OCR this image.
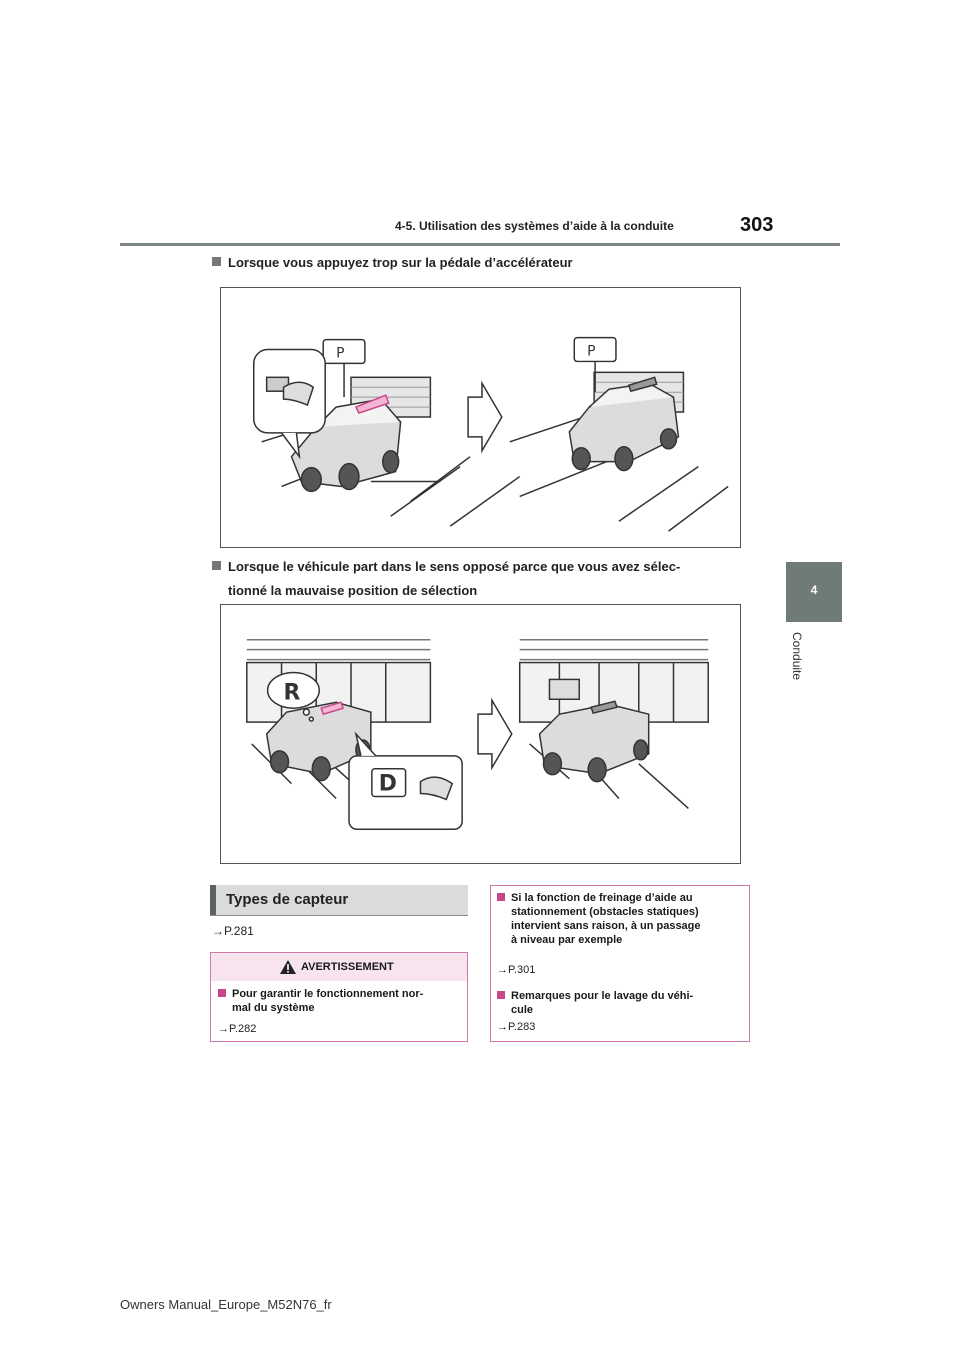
4-5. Utilisation des systèmes d’aide à la conduite	303
4
Conduite
Lorsque vous appuyez trop sur la pédale d’accélérateur
P	P
Lorsque le véhicule part dans le sens opposé parce que vous avez sélec-
tionné la mauvaise position de sélection
R
D
Types de capteur
→P.281
AVERTISSEMENT
Pour garantir le fonctionnement nor-
mal du système
→P.282
Si la fonction de freinage d’aide au
stationnement (obstacles statiques)
intervient sans raison, à un passage
à niveau par exemple
→P.301
Remarques pour le lavage du véhi-
cule
→P.283
Owners Manual_Europe_M52N76_fr
